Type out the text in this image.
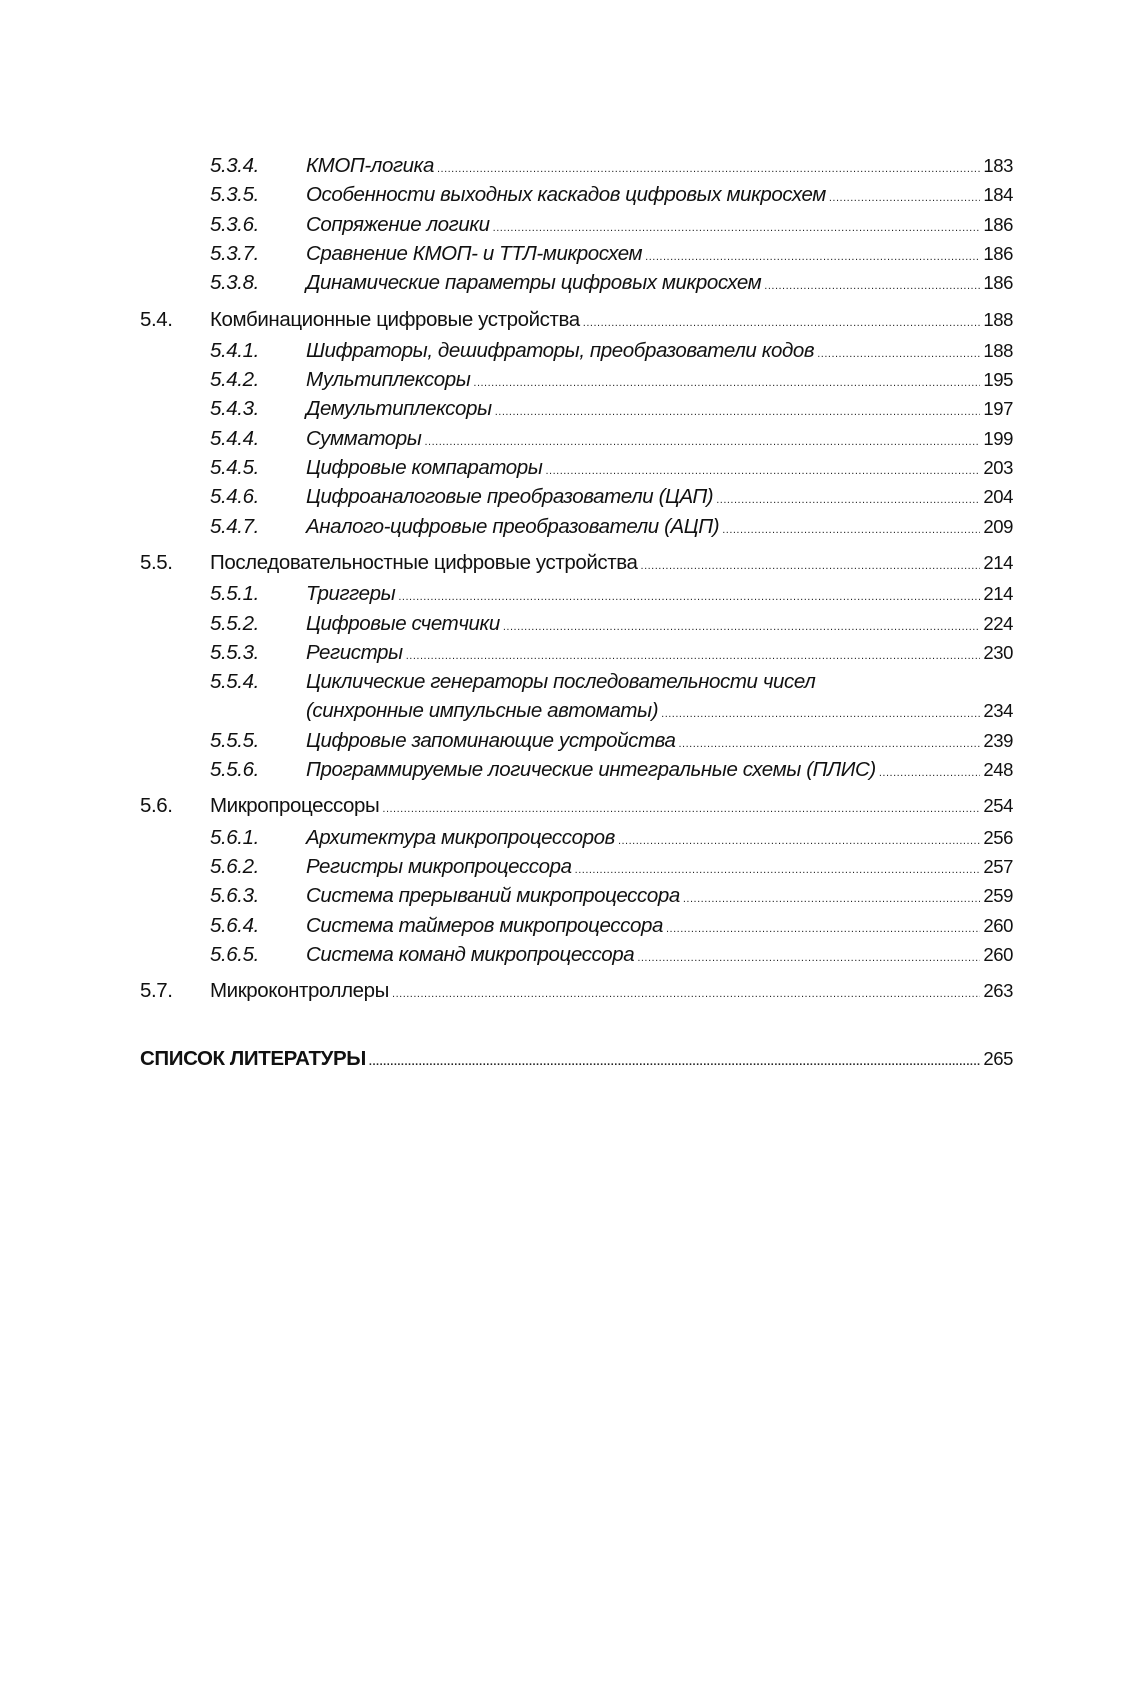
5.3.4.	КМОП-логика .....	183
5.3.5.	Особенности выходных каскадов цифровых микросхем .....	184
5.3.6.	Сопряжение логики .....	186
5.3.7.	Сравнение КМОП- и ТТЛ-микросхем .....	186
5.3.8.	Динамические параметры цифровых микросхем .....	186
5.4.	Комбинационные цифровые устройства .....	188
5.4.1.	Шифраторы, дешифраторы, преобразователи кодов .....	188
5.4.2.	Мультиплексоры .....	195
5.4.3.	Демультиплексоры .....	197
5.4.4.	Сумматоры .....	199
5.4.5.	Цифровые компараторы .....	203
5.4.6.	Цифроаналоговые преобразователи (ЦАП) .....	204
5.4.7.	Аналого-цифровые преобразователи (АЦП) .....	209
5.5.	Последовательностные цифровые устройства .....	214
5.5.1.	Триггеры .....	214
5.5.2.	Цифровые счетчики .....	224
5.5.3.	Регистры .....	230
5.5.4.	Циклические генераторы последовательности чисел
(синхронные импульсные автоматы) .....	234
5.5.5.	Цифровые запоминающие устройства .....	239
5.5.6.	Программируемые логические интегральные схемы (ПЛИС) .....	248
5.6.	Микропроцессоры .....	254
5.6.1.	Архитектура микропроцессоров .....	256
5.6.2.	Регистры микропроцессора .....	257
5.6.3.	Система прерываний микропроцессора .....	259
5.6.4.	Система таймеров микропроцессора .....	260
5.6.5.	Система команд микропроцессора .....	260
5.7.	Микроконтроллеры .....	263
СПИСОК ЛИТЕРАТУРЫ .....	265
